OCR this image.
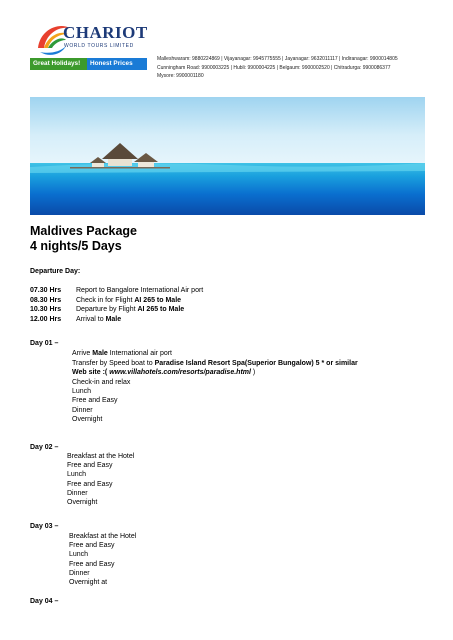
CHARIOT
WORLD TOURS LIMITED
Great Holidays!	Honest Prices
Malleshwaram: 9880224869 | Vijayanagar: 9945775555 | Jayanagar: 9632011117 | Indiranagar: 9900014805
Cunningham Road: 9900003225 | Hubli: 9900004225 | Belgaum: 9900002520 | Chitradurga: 9900086377
Mysore: 9900001180
Maldives Package
4 nights/5 Days
Departure Day:
07.30 Hrs Report to Bangalore International Air port
08.30 Hrs Check in for Flight AI 265 to Male
10.30 Hrs Departure by Flight AI 265 to Male
12.00 Hrs Arrival to Male
Day 01 –
Arrive Male International air port
Transfer by Speed boat to Paradise Island Resort Spa(Superior Bungalow) 5 * or similar
Web site :( www.villahotels.com/resorts/paradise.html )
Check-in and relax
Lunch
Free and Easy
Dinner
Overnight
Day 02 –
Breakfast at the Hotel
Free and Easy
Lunch
Free and Easy
Dinner
Overnight
Day 03 –
Breakfast at the Hotel
Free and Easy
Lunch
Free and Easy
Dinner
Overnight at
Day 04 –
